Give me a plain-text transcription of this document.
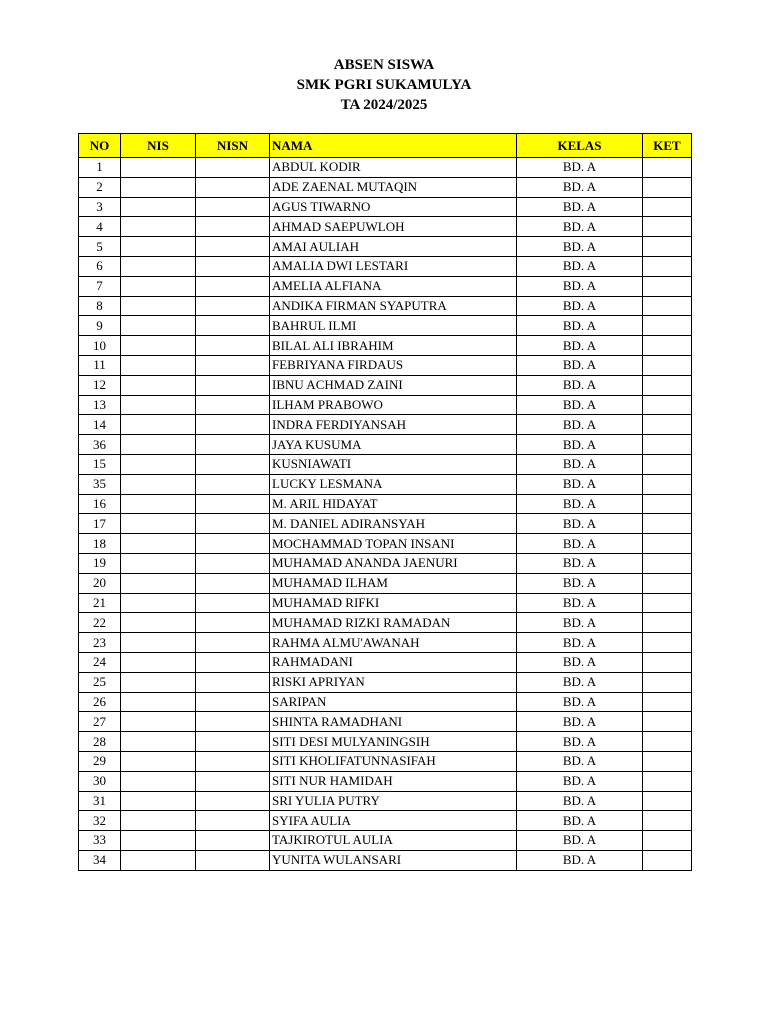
ABSEN SISWA
SMK PGRI SUKAMULYA
TA 2024/2025
NO	NIS	NISN	NAMA	KELAS	KET
1			ABDUL KODIR	BD. A	
2			ADE ZAENAL MUTAQIN	BD. A	
3			AGUS TIWARNO	BD. A	
4			AHMAD SAEPUWLOH	BD. A	
5			AMAI AULIAH	BD. A	
6			AMALIA DWI LESTARI	BD. A	
7			AMELIA ALFIANA	BD. A	
8			ANDIKA FIRMAN SYAPUTRA	BD. A	
9			BAHRUL ILMI	BD. A	
10			BILAL ALI IBRAHIM	BD. A	
11			FEBRIYANA FIRDAUS	BD. A	
12			IBNU ACHMAD ZAINI	BD. A	
13			ILHAM PRABOWO	BD. A	
14			INDRA FERDIYANSAH	BD. A	
36			JAYA KUSUMA	BD. A	
15			KUSNIAWATI	BD. A	
35			LUCKY LESMANA	BD. A	
16			M. ARIL HIDAYAT	BD. A	
17			M. DANIEL ADIRANSYAH	BD. A	
18			MOCHAMMAD TOPAN INSANI	BD. A	
19			MUHAMAD ANANDA JAENURI	BD. A	
20			MUHAMAD ILHAM	BD. A	
21			MUHAMAD RIFKI	BD. A	
22			MUHAMAD RIZKI RAMADAN	BD. A	
23			RAHMA ALMU'AWANAH	BD. A	
24			RAHMADANI	BD. A	
25			RISKI APRIYAN	BD. A	
26			SARIPAN	BD. A	
27			SHINTA RAMADHANI	BD. A	
28			SITI DESI MULYANINGSIH	BD. A	
29			SITI KHOLIFATUNNASIFAH	BD. A	
30			SITI NUR HAMIDAH	BD. A	
31			SRI YULIA PUTRY	BD. A	
32			SYIFA AULIA	BD. A	
33			TAJKIROTUL AULIA	BD. A	
34			YUNITA WULANSARI	BD. A	
